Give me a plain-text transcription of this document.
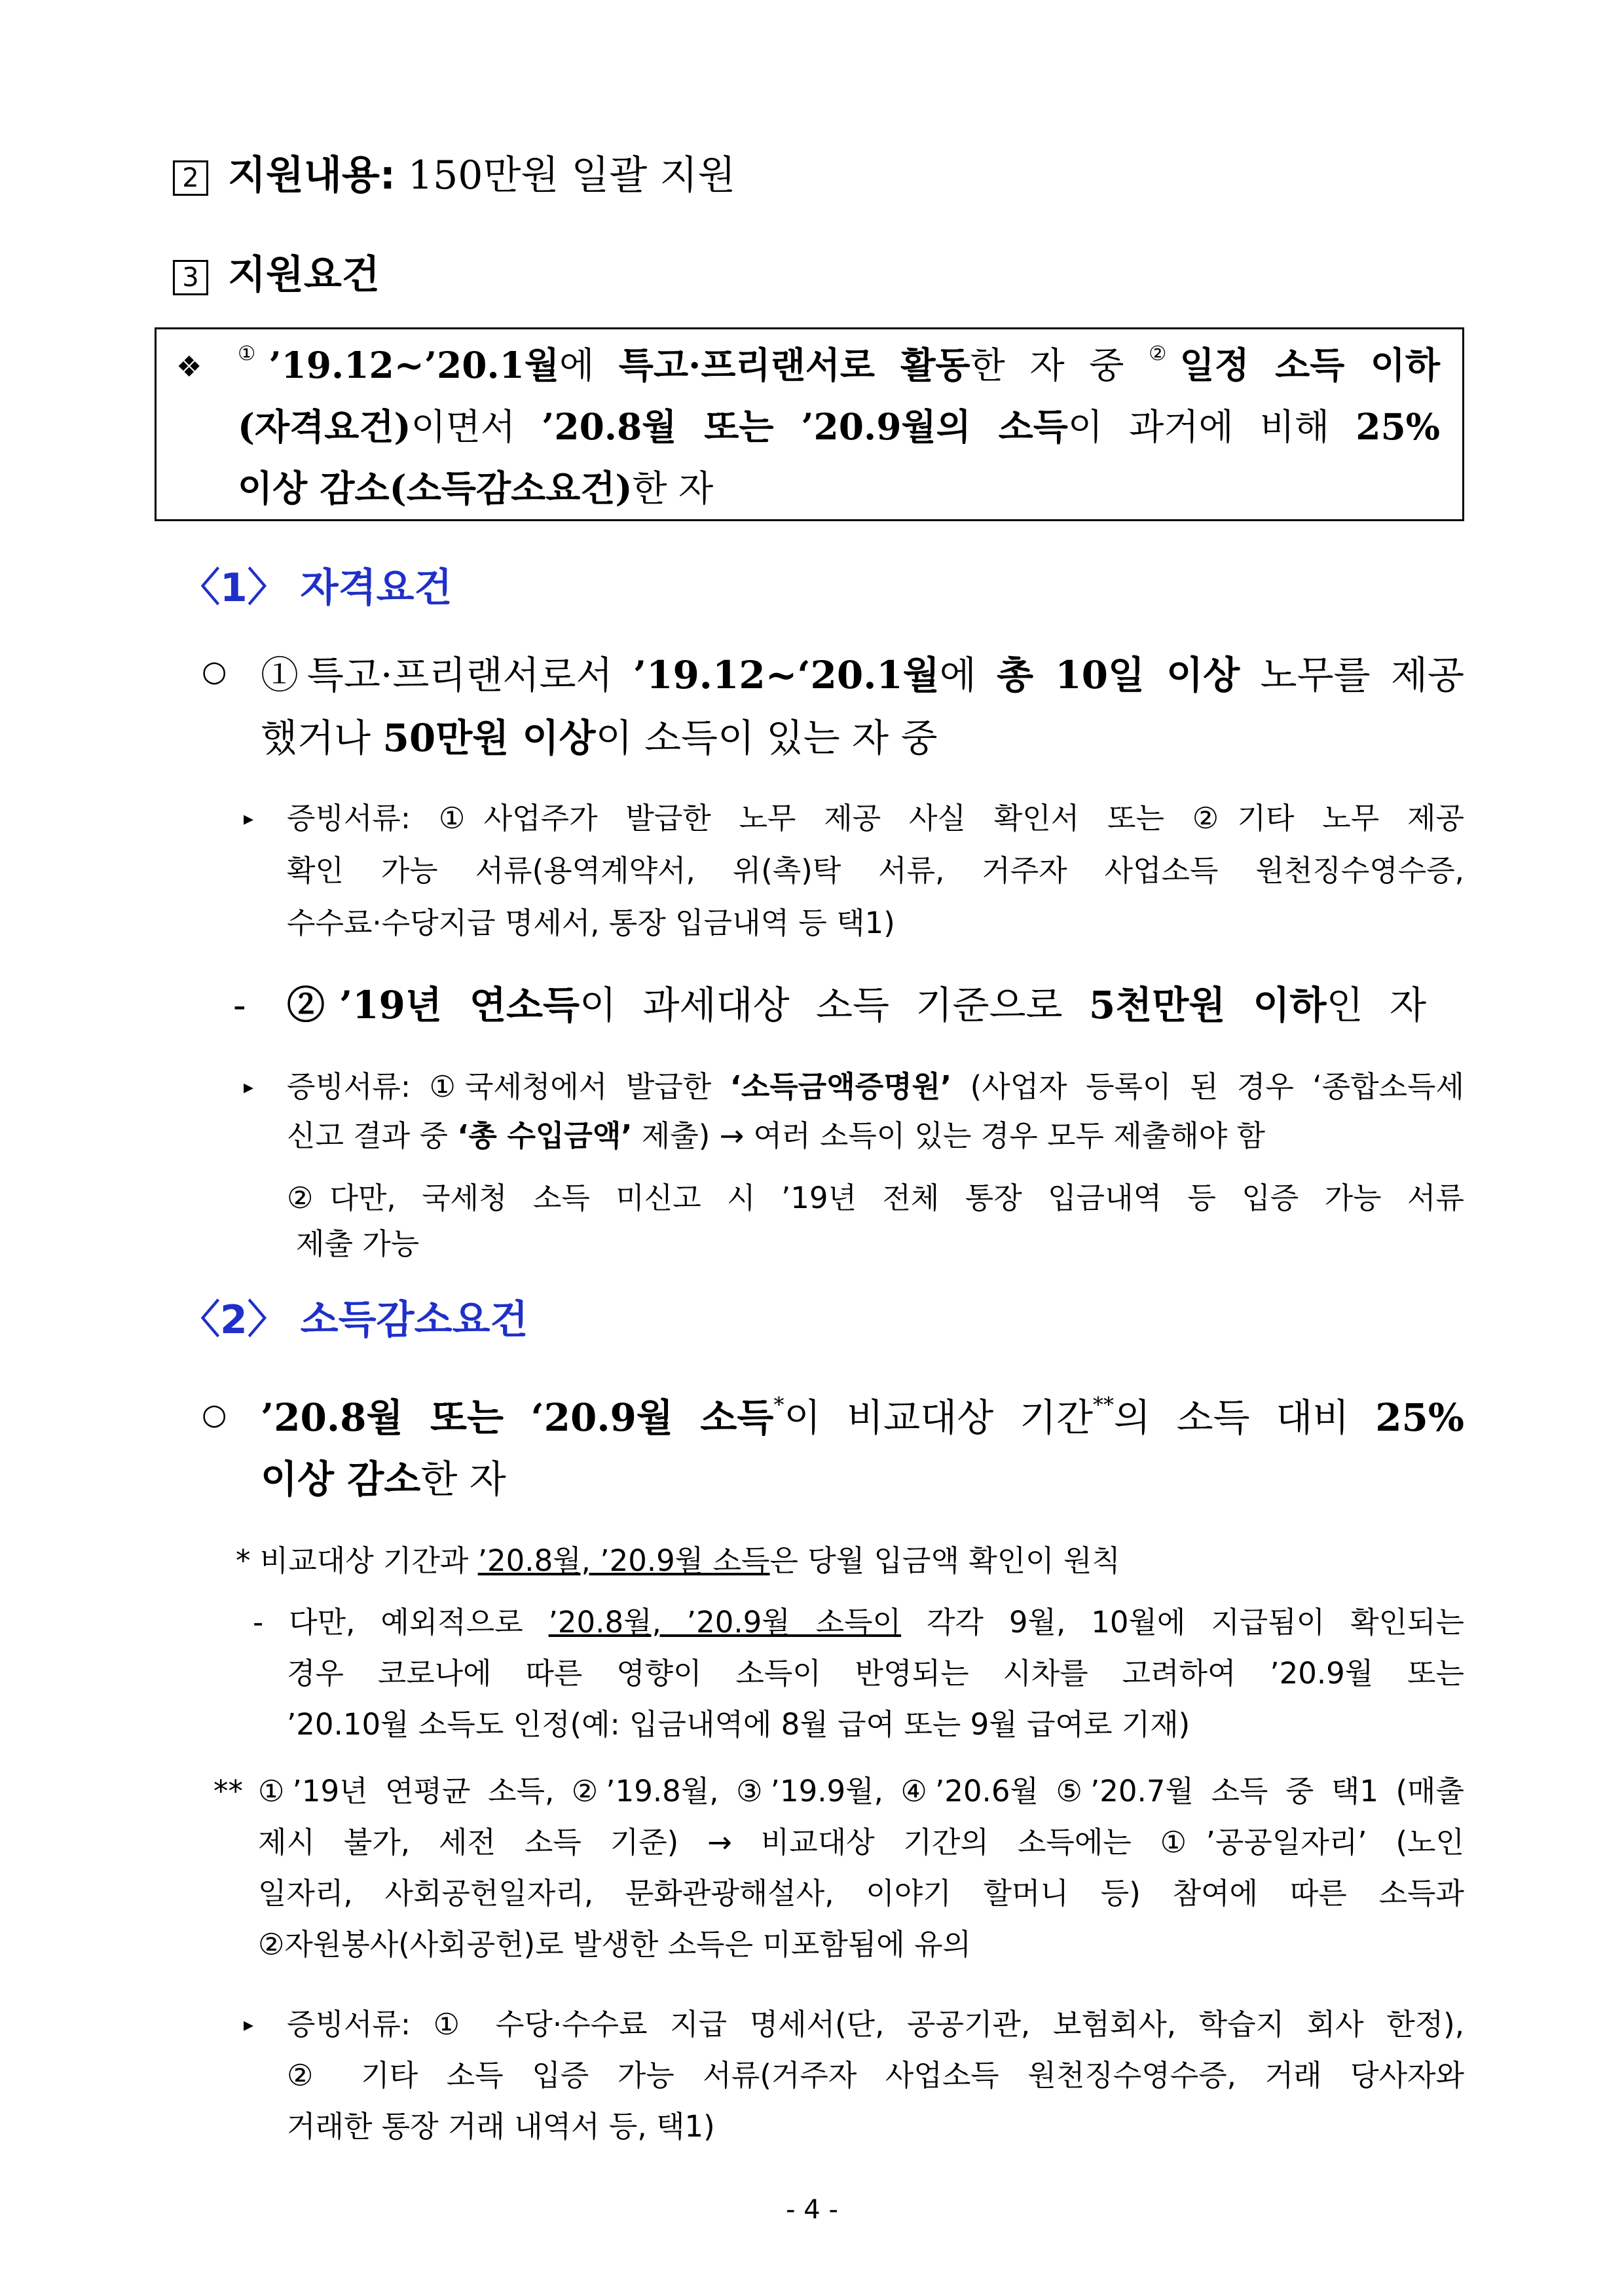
2 지원내용: 150만원 일괄 지원
3 지원요건
❖ ①’19.12~’20.1월에 특고·프리랜서로 활동한 자 중 ②일정 소득 이하
(자격요건)이면서 ’20.8월 또는 ’20.9월의 소득이 과거에 비해 25%
이상 감소(소득감소요건)한 자
〈1〉 자격요건
○ ①특고·프리랜서로서 ’19.12~‘20.1월에 총 10일 이상 노무를 제공
했거나 50만원 이상이 소득이 있는 자 중
▸ 증빙서류: ①사업주가 발급한 노무 제공 사실 확인서 또는 ②기타 노무 제공
확인 가능 서류(용역계약서, 위(촉)탁 서류, 거주자 사업소득 원천징수영수증,
수수료·수당지급 명세서, 통장 입금내역 등 택1)
- ②’19년 연소득이 과세대상 소득 기준으로 5천만원 이하인 자
▸ 증빙서류: ①국세청에서 발급한 ‘소득금액증명원’ (사업자 등록이 된 경우 ‘종합소득세
신고 결과 중 ‘총 수입금액’ 제출) → 여러 소득이 있는 경우 모두 제출해야 함
②다만, 국세청 소득 미신고 시 ’19년 전체 통장 입금내역 등 입증 가능 서류
제출 가능
〈2〉 소득감소요건
○ ’20.8월 또는 ‘20.9월 소득*이 비교대상 기간**의 소득 대비 25%
이상 감소한 자
* 비교대상 기간과 ’20.8월, ’20.9월 소득은 당월 입금액 확인이 원칙
- 다만, 예외적으로 ’20.8월, ’20.9월 소득이 각각 9월, 10월에 지급됨이 확인되는
경우 코로나에 따른 영향이 소득이 반영되는 시차를 고려하여 ’20.9월 또는
’20.10월 소득도 인정(예: 입금내역에 8월 급여 또는 9월 급여로 기재)
** ①’19년 연평균 소득, ②’19.8월, ③’19.9월, ④’20.6월 ⑤’20.7월 소득 중 택1 (매출
제시 불가, 세전 소득 기준) → 비교대상 기간의 소득에는 ①’공공일자리’ (노인
일자리, 사회공헌일자리, 문화관광해설사, 이야기 할머니 등) 참여에 따른 소득과
②자원봉사(사회공헌)로 발생한 소득은 미포함됨에 유의
▸ 증빙서류: ① 수당·수수료 지급 명세서(단, 공공기관, 보험회사, 학습지 회사 한정),
② 기타 소득 입증 가능 서류(거주자 사업소득 원천징수영수증, 거래 당사자와
거래한 통장 거래 내역서 등, 택1)
- 4 -
